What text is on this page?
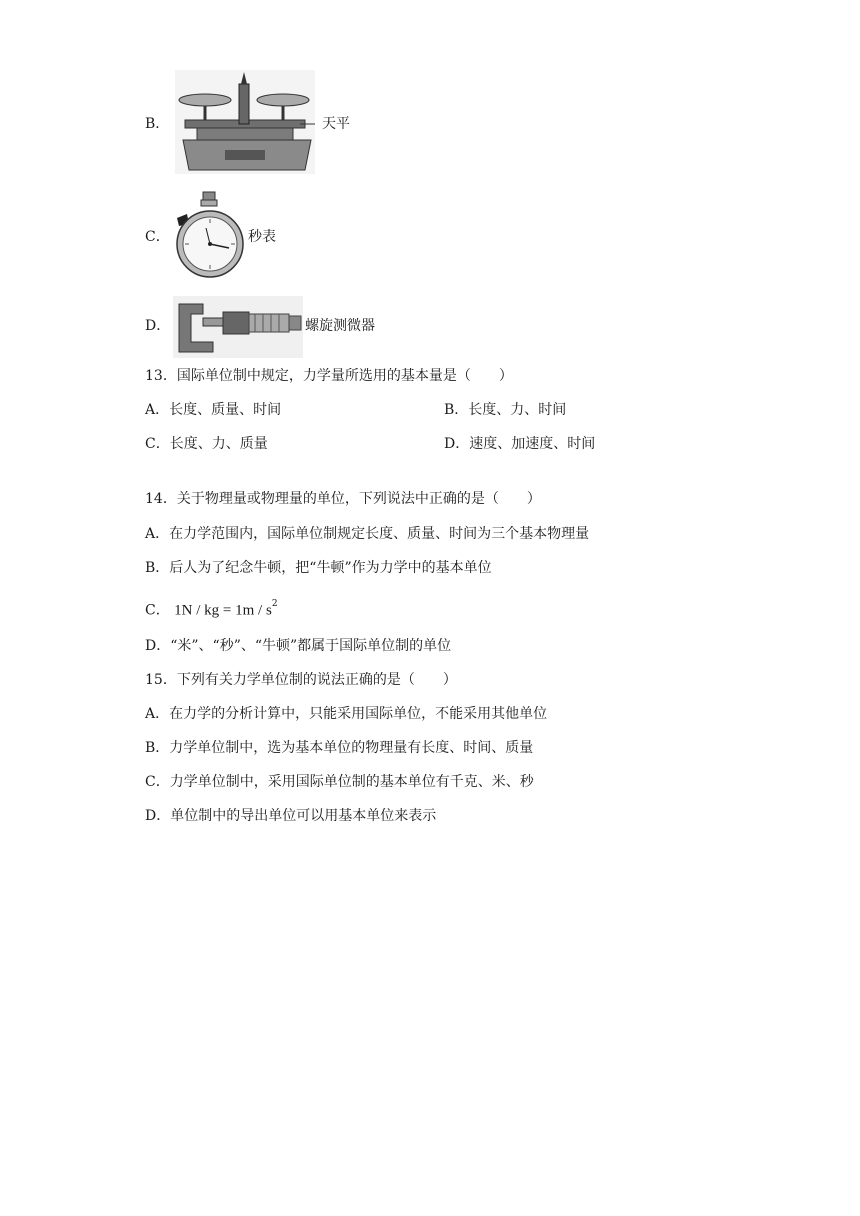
B．	天平
C．	秒表
D．	螺旋测微器
13．国际单位制中规定，力学量所选用的基本量是（　　）
A．长度、质量、时间	B．长度、力、时间
C．长度、力、质量	D．速度、加速度、时间
14．关于物理量或物理量的单位，下列说法中正确的是（　　）
A．在力学范围内，国际单位制规定长度、质量、时间为三个基本物理量
B．后人为了纪念牛顿，把“牛顿”作为力学中的基本单位
C． 1N / kg = $1m / s^2$
D．“米”、“秒”、“牛顿”都属于国际单位制的单位
15．下列有关力学单位制的说法正确的是（　　）
A．在力学的分析计算中，只能采用国际单位，不能采用其他单位
B．力学单位制中，选为基本单位的物理量有长度、时间、质量
C．力学单位制中，采用国际单位制的基本单位有千克、米、秒
D．单位制中的导出单位可以用基本单位来表示
